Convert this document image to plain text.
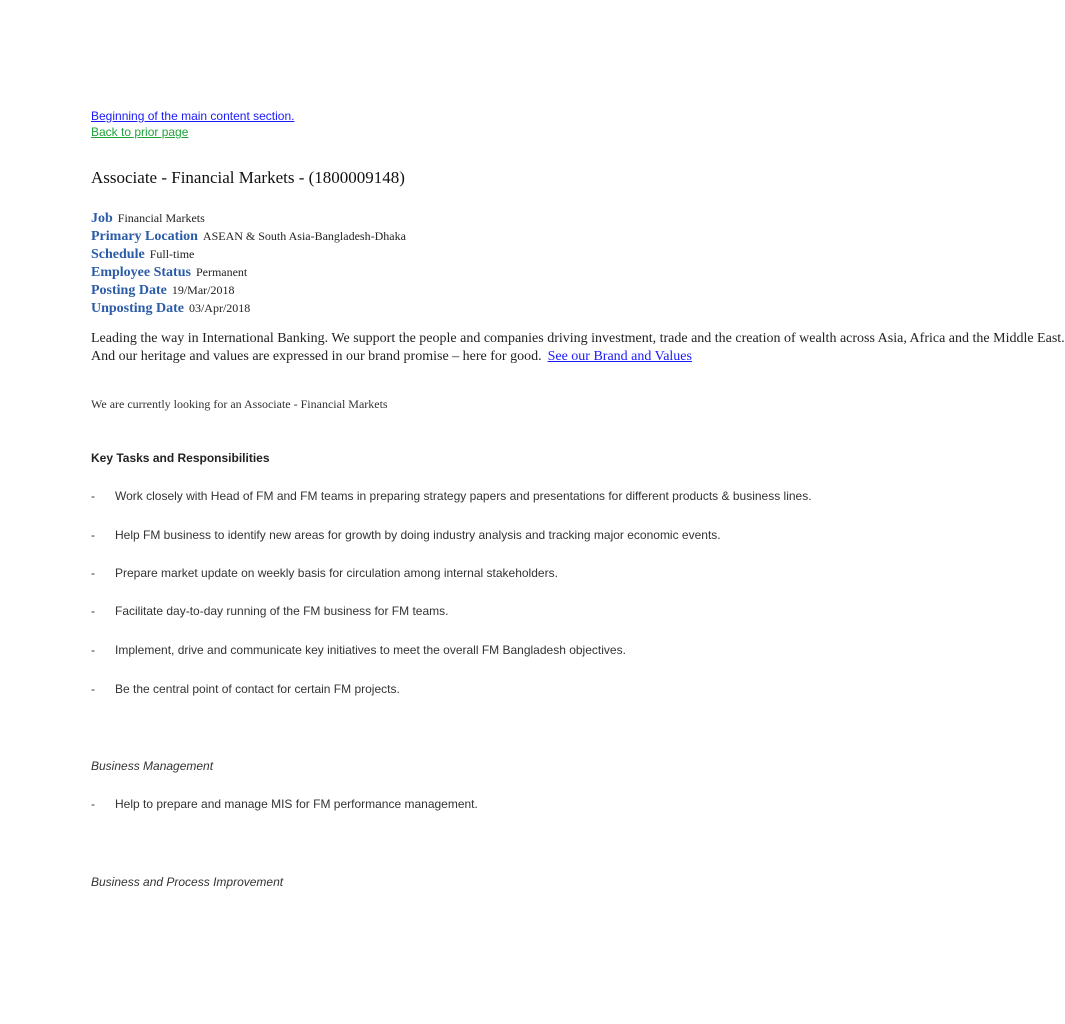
Beginning of the main content section.
Back to prior page
Associate - Financial Markets - (1800009148)
Job Financial Markets
Primary Location ASEAN & South Asia-Bangladesh-Dhaka
Schedule Full-time
Employee Status Permanent
Posting Date 19/Mar/2018
Unposting Date 03/Apr/2018
Leading the way in International Banking. We support the people and companies driving investment, trade and the creation of wealth across Asia, Africa and the Middle East.
And our heritage and values are expressed in our brand promise – here for good. See our Brand and Values
We are currently looking for an Associate - Financial Markets
Key Tasks and Responsibilities
- Work closely with Head of FM and FM teams in preparing strategy papers and presentations for different products & business lines.
- Help FM business to identify new areas for growth by doing industry analysis and tracking major economic events.
- Prepare market update on weekly basis for circulation among internal stakeholders.
- Facilitate day-to-day running of the FM business for FM teams.
- Implement, drive and communicate key initiatives to meet the overall FM Bangladesh objectives.
- Be the central point of contact for certain FM projects.
Business Management
- Help to prepare and manage MIS for FM performance management.
Business and Process Improvement
